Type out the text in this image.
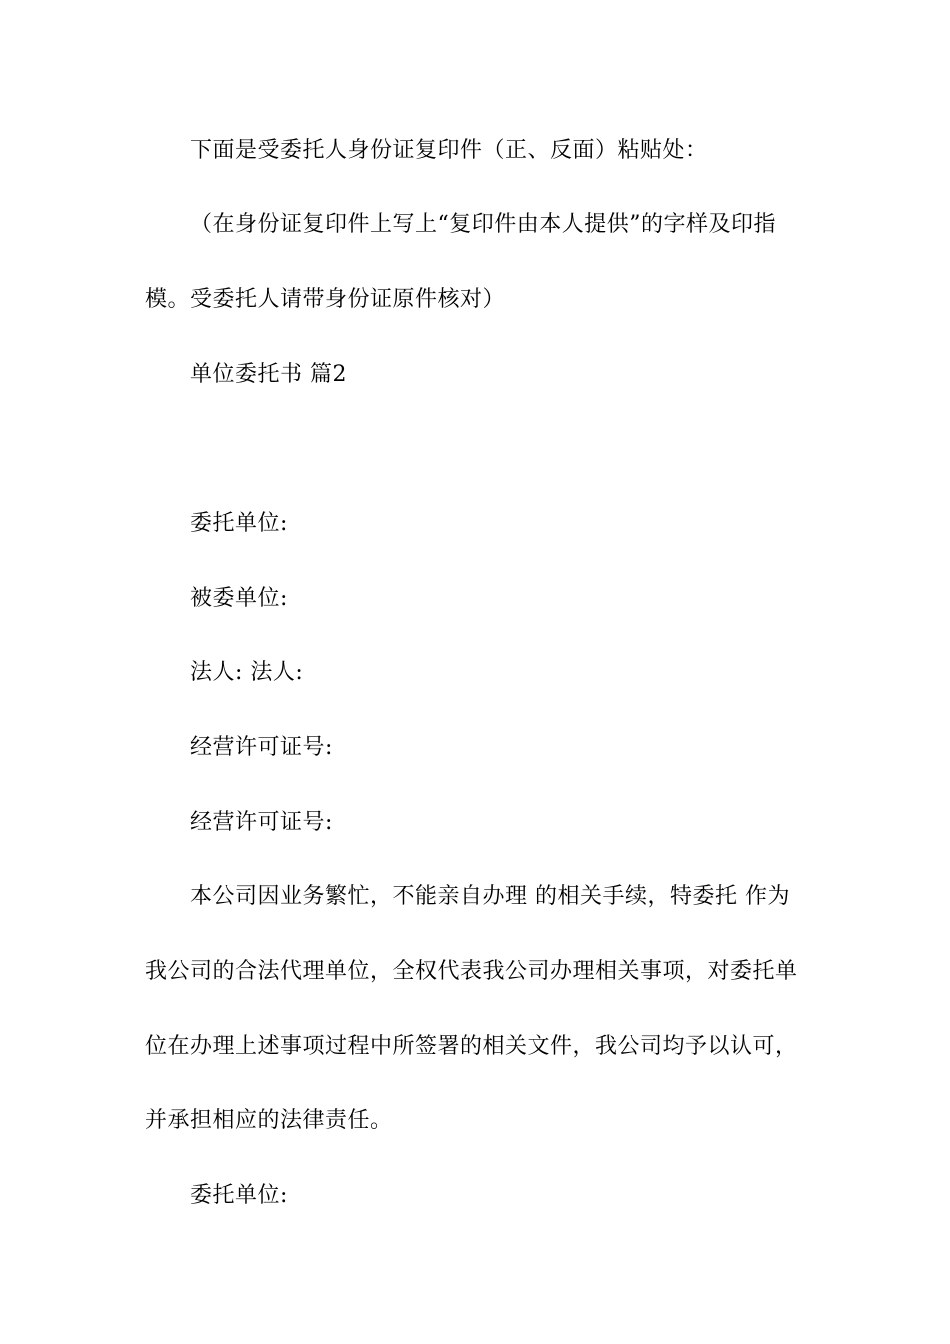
下面是受委托人身份证复印件（正、反面）粘贴处：
（在身份证复印件上写上“复印件由本人提供”的字样及印指
模。受委托人请带身份证原件核对）
单位委托书 篇2
委托单位:
被委单位:
法人: 法人:
经营许可证号:
经营许可证号:
本公司因业务繁忙，不能亲自办理 的相关手续，特委托 作为
我公司的合法代理单位，全权代表我公司办理相关事项，对委托单
位在办理上述事项过程中所签署的相关文件，我公司均予以认可，
并承担相应的法律责任。
委托单位:
